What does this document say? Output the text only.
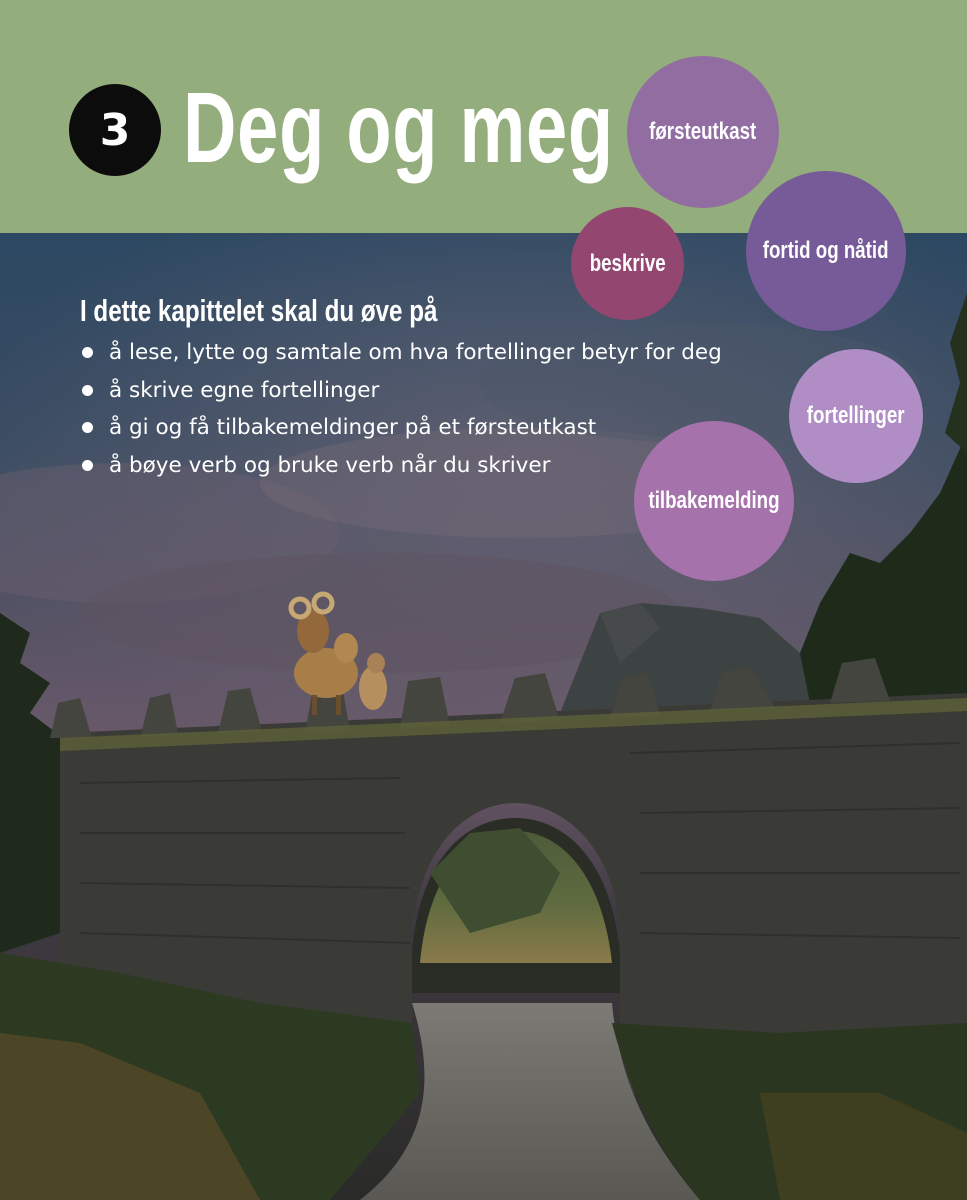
3 Deg og meg
I dette kapittelet skal du øve på
å lese, lytte og samtale om hva fortellinger betyr for deg
å skrive egne fortellinger
å gi og få tilbakemeldinger på et førsteutkast
å bøye verb og bruke verb når du skriver
førsteutkast
beskrive	fortid og nåtid
fortellinger
tilbakemelding
